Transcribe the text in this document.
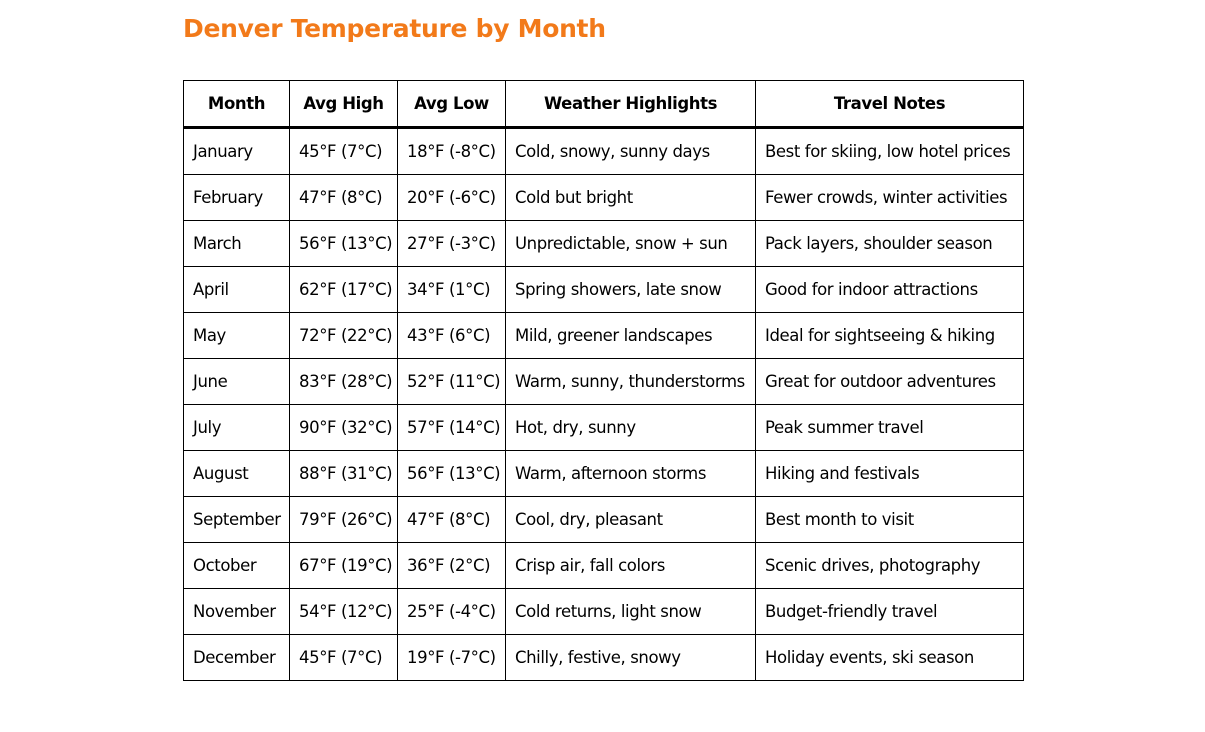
Denver Temperature by Month
Month	Avg High	Avg Low	Weather Highlights	Travel Notes
January	45°F (7°C)	18°F (-8°C)	Cold, snowy, sunny days	Best for skiing, low hotel prices
February	47°F (8°C)	20°F (-6°C)	Cold but bright	Fewer crowds, winter activities
March	56°F (13°C)	27°F (-3°C)	Unpredictable, snow + sun	Pack layers, shoulder season
April	62°F (17°C)	34°F (1°C)	Spring showers, late snow	Good for indoor attractions
May	72°F (22°C)	43°F (6°C)	Mild, greener landscapes	Ideal for sightseeing & hiking
June	83°F (28°C)	52°F (11°C)	Warm, sunny, thunderstorms	Great for outdoor adventures
July	90°F (32°C)	57°F (14°C)	Hot, dry, sunny	Peak summer travel
August	88°F (31°C)	56°F (13°C)	Warm, afternoon storms	Hiking and festivals
September	79°F (26°C)	47°F (8°C)	Cool, dry, pleasant	Best month to visit
October	67°F (19°C)	36°F (2°C)	Crisp air, fall colors	Scenic drives, photography
November	54°F (12°C)	25°F (-4°C)	Cold returns, light snow	Budget-friendly travel
December	45°F (7°C)	19°F (-7°C)	Chilly, festive, snowy	Holiday events, ski season
